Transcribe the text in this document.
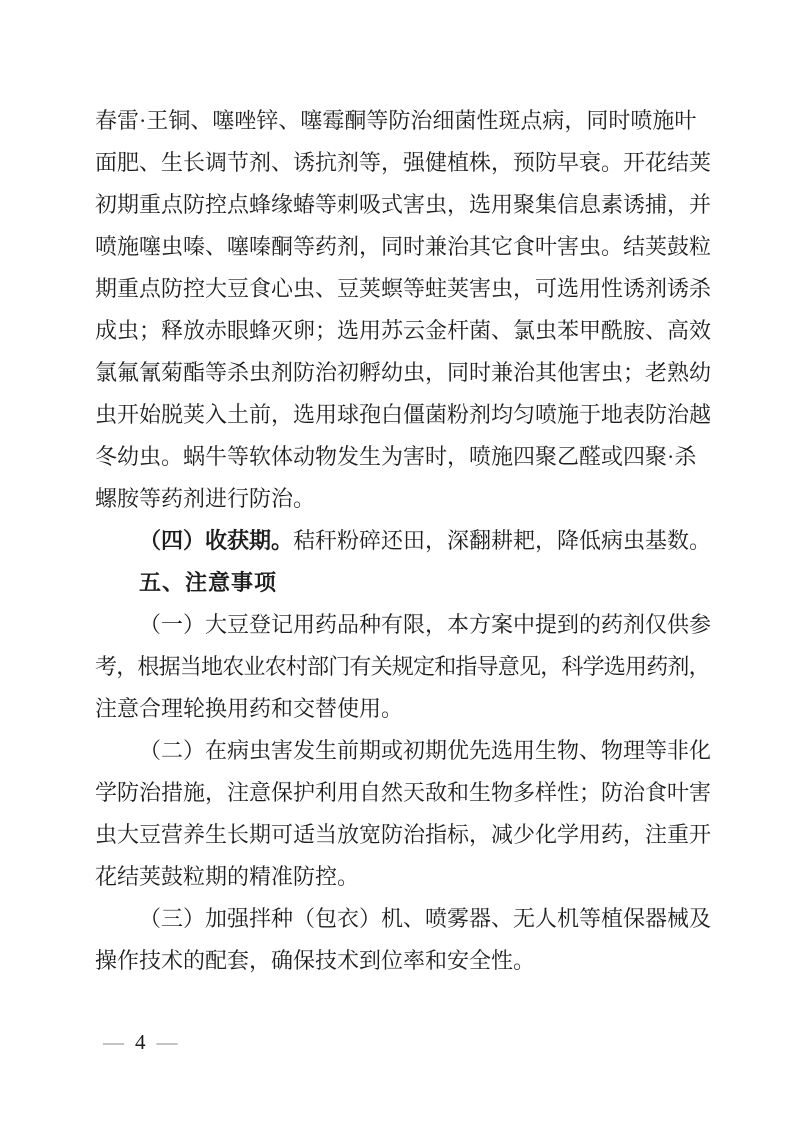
春雷·王铜、噻唑锌、噻霉酮等防治细菌性斑点病，同时喷施叶
面肥、生长调节剂、诱抗剂等，强健植株，预防早衰。开花结荚
初期重点防控点蜂缘蝽等刺吸式害虫，选用聚集信息素诱捕，并
喷施噻虫嗪、噻嗪酮等药剂，同时兼治其它食叶害虫。结荚鼓粒
期重点防控大豆食心虫、豆荚螟等蛀荚害虫，可选用性诱剂诱杀
成虫；释放赤眼蜂灭卵；选用苏云金杆菌、氯虫苯甲酰胺、高效
氯氟氰菊酯等杀虫剂防治初孵幼虫，同时兼治其他害虫；老熟幼
虫开始脱荚入土前，选用球孢白僵菌粉剂均匀喷施于地表防治越
冬幼虫。蜗牛等软体动物发生为害时，喷施四聚乙醛或四聚·杀
螺胺等药剂进行防治。
（四）收获期。秸秆粉碎还田，深翻耕耙，降低病虫基数。
五、注意事项
（一）大豆登记用药品种有限，本方案中提到的药剂仅供参
考，根据当地农业农村部门有关规定和指导意见，科学选用药剂，
注意合理轮换用药和交替使用。
（二）在病虫害发生前期或初期优先选用生物、物理等非化
学防治措施，注意保护利用自然天敌和生物多样性；防治食叶害
虫大豆营养生长期可适当放宽防治指标，减少化学用药，注重开
花结荚鼓粒期的精准防控。
（三）加强拌种（包衣）机、喷雾器、无人机等植保器械及
操作技术的配套，确保技术到位率和安全性。
— 4 —
